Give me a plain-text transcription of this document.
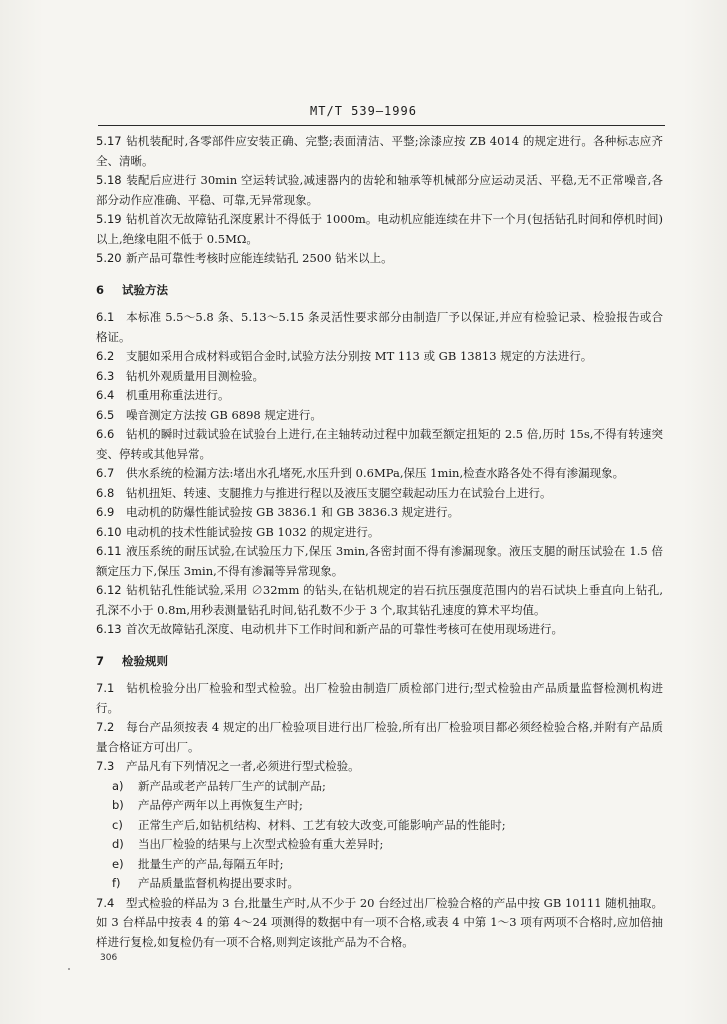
MT/T 539—1996

5.17 钻机装配时,各零部件应安装正确、完整;表面清洁、平整;涂漆应按 ZB 4014 的规定进行。各种标志应齐全、清晰。

5.18 装配后应进行 30min 空运转试验,减速器内的齿轮和轴承等机械部分应运动灵活、平稳,无不正常噪音,各部分动作应准确、平稳、可靠,无异常现象。

5.19 钻机首次无故障钻孔深度累计不得低于 1000m。电动机应能连续在井下一个月(包括钻孔时间和停机时间)以上,绝缘电阻不低于 0.5MΩ。

5.20 新产品可靠性考核时应能连续钻孔 2500 钻米以上。

6 试验方法

6.1 本标准 5.5～5.8 条、5.13～5.15 条灵活性要求部分由制造厂予以保证,并应有检验记录、检验报告或合格证。

6.2 支腿如采用合成材料或铝合金时,试验方法分别按 MT 113 或 GB 13813 规定的方法进行。

6.3 钻机外观质量用目测检验。

6.4 机重用称重法进行。

6.5 噪音测定方法按 GB 6898 规定进行。

6.6 钻机的瞬时过载试验在试验台上进行,在主轴转动过程中加载至额定扭矩的 2.5 倍,历时 15s,不得有转速突变、停转或其他异常。

6.7 供水系统的检漏方法:堵出水孔堵死,水压升到 0.6MPa,保压 1min,检查水路各处不得有渗漏现象。

6.8 钻机扭矩、转速、支腿推力与推进行程以及液压支腿空载起动压力在试验台上进行。

6.9 电动机的防爆性能试验按 GB 3836.1 和 GB 3836.3 规定进行。

6.10 电动机的技术性能试验按 GB 1032 的规定进行。

6.11 液压系统的耐压试验,在试验压力下,保压 3min,各密封面不得有渗漏现象。液压支腿的耐压试验在 1.5 倍额定压力下,保压 3min,不得有渗漏等异常现象。

6.12 钻机钻孔性能试验,采用 ∅32mm 的钻头,在钻机规定的岩石抗压强度范围内的岩石试块上垂直向上钻孔,孔深不小于 0.8m,用秒表测量钻孔时间,钻孔数不少于 3 个,取其钻孔速度的算术平均值。

6.13 首次无故障钻孔深度、电动机井下工作时间和新产品的可靠性考核可在使用现场进行。

7 检验规则

7.1 钻机检验分出厂检验和型式检验。出厂检验由制造厂质检部门进行;型式检验由产品质量监督检测机构进行。

7.2 每台产品须按表 4 规定的出厂检验项目进行出厂检验,所有出厂检验项目都必须经检验合格,并附有产品质量合格证方可出厂。

7.3 产品凡有下列情况之一者,必须进行型式检验。

a) 新产品或老产品转厂生产的试制产品;

b) 产品停产两年以上再恢复生产时;

c) 正常生产后,如钻机结构、材料、工艺有较大改变,可能影响产品的性能时;

d) 当出厂检验的结果与上次型式检验有重大差异时;

e) 批量生产的产品,每隔五年时;

f) 产品质量监督机构提出要求时。

7.4 型式检验的样品为 3 台,批量生产时,从不少于 20 台经过出厂检验合格的产品中按 GB 10111 随机抽取。如 3 台样品中按表 4 的第 4～24 项测得的数据中有一项不合格,或表 4 中第 1～3 项有两项不合格时,应加倍抽样进行复检,如复检仍有一项不合格,则判定该批产品为不合格。

306
